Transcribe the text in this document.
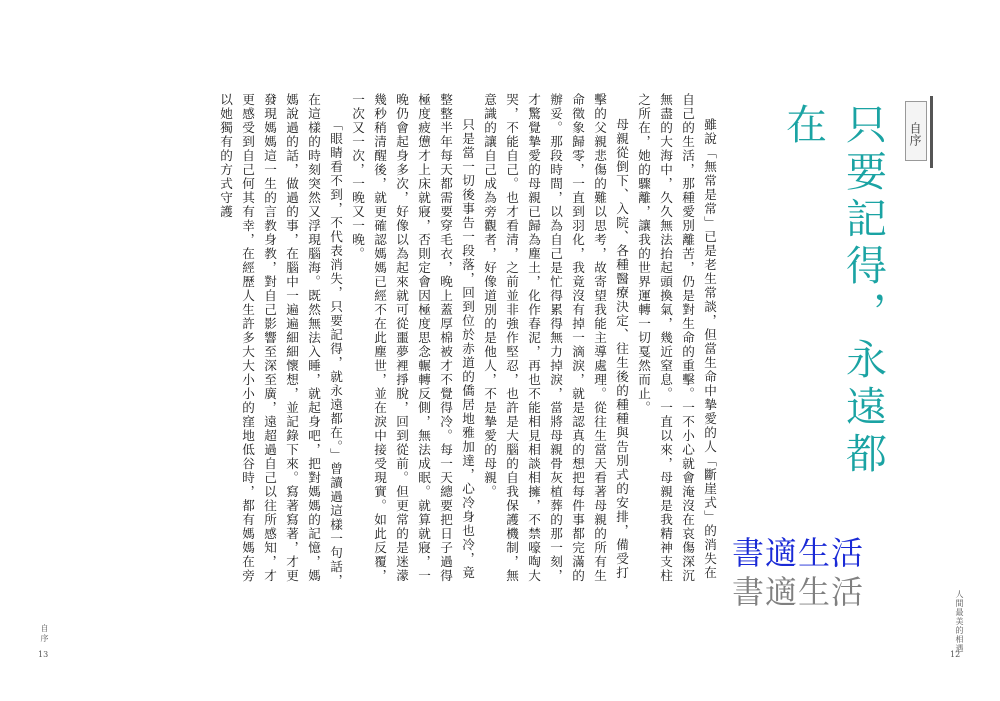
自序
只要記得，永遠都在

雖說「無常是常」已是老生常談，但當生命中摯愛的人「斷崖式」的消失在自己的生活，那種愛別離苦，仍是對生命的重擊。一不小心就會淹沒在哀傷深沉無盡的大海中，久久無法抬起頭換氣，幾近窒息。一直以來，母親是我精神支柱之所在，她的驟離，讓我的世界運轉一切戛然而止。

母親從倒下、入院、各種醫療決定、往生後的種種與告別式的安排，備受打擊的父親悲傷的難以思考，故寄望我能主導處理。從往生當天看著母親的所有生命徵象歸零，一直到羽化，我竟沒有掉一滴淚，就是認真的想把每件事都完滿的辦妥。那段時間，以為自己是忙得累得無力掉淚，當將母親骨灰植葬的那一刻，才驚覺摯愛的母親已歸為塵土，化作春泥，再也不能相見相談相擁，不禁嚎啕大哭，不能自己。也才看清，之前並非強作堅忍，也許是大腦的自我保護機制，無意識的讓自己成為旁觀者，好像道別的是他人，不是摯愛的母親。

只是當一切後事告一段落，回到位於赤道的僑居地雅加達，心冷身也冷，竟整整半年每天都需要穿毛衣，晚上蓋厚棉被才不覺得冷。每一天總要把日子過得極度疲憊才上床就寢，否則定會因極度思念輾轉反側，無法成眠。就算就寢，一晚仍會起身多次，好像以為起來就可從噩夢裡掙脫，回到從前。但更常的是迷濛幾秒稍清醒後，就更確認媽媽已經不在此塵世，並在淚中接受現實。如此反覆，一次又一次，一晚又一晚。

「眼睛看不到，不代表消失，只要記得，就永遠都在。」曾讀過這樣一句話，在這樣的時刻突然又浮現腦海。既然無法入睡，就起身吧，把對媽媽的記憶，媽媽說過的話，做過的事，在腦中一遍遍細細懷想，並記錄下來。寫著寫著，才更發現媽媽這一生的言教身教，對自己影響至深至廣，遠超過自己以往所感知，才更感受到自己何其有幸，在經歷人生許多大大小小的窪地低谷時，都有媽媽在旁以她獨有的方式守護

書適生活
書適生活
自序
13
人間最美的相遇
12
